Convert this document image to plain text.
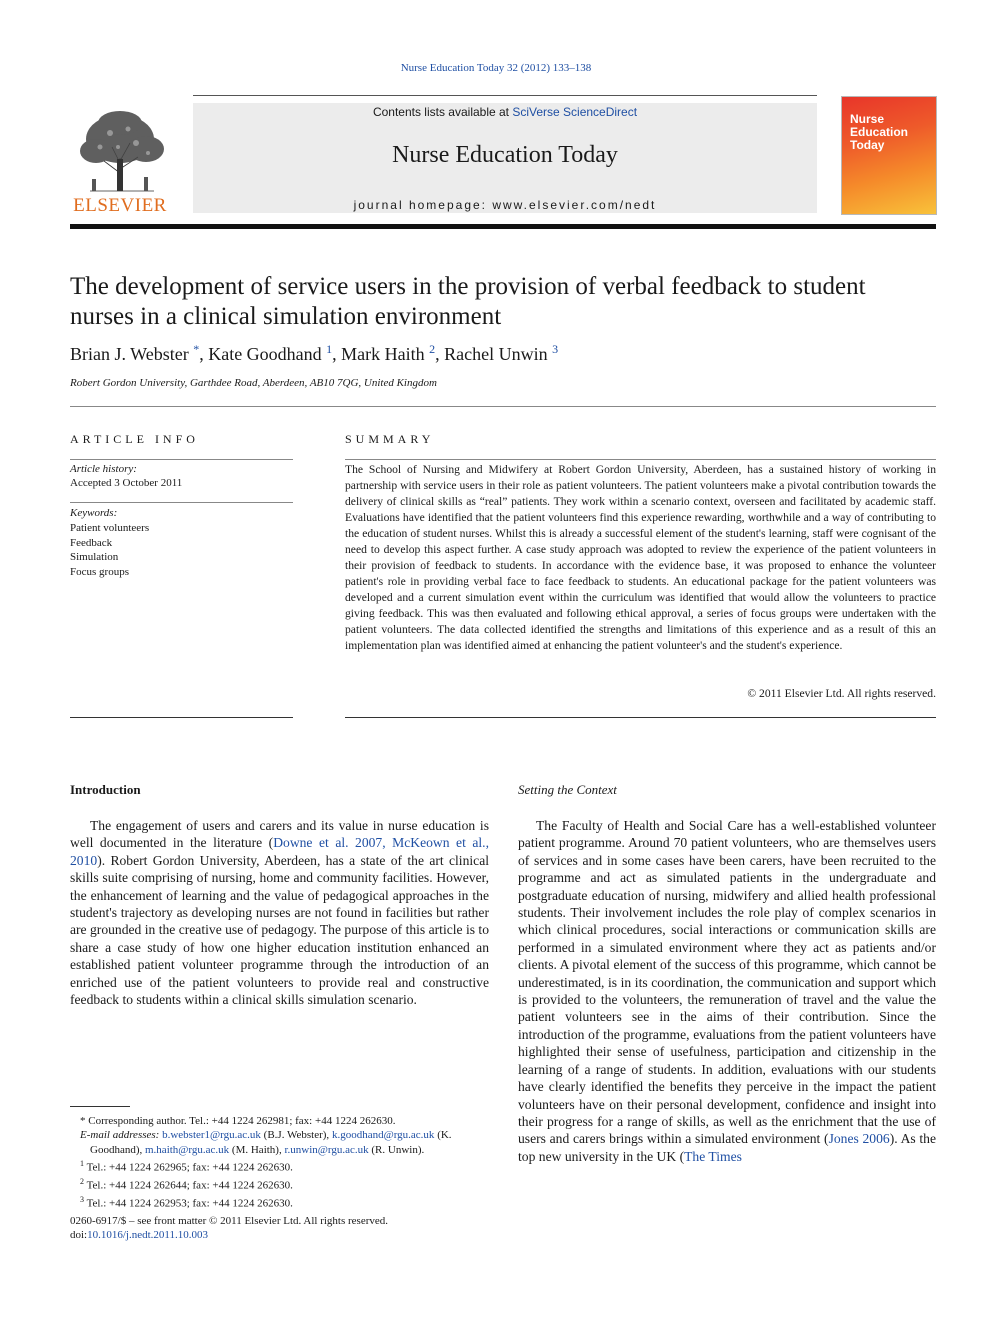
Nurse Education Today 32 (2012) 133–138
Contents lists available at SciVerse ScienceDirect
Nurse Education Today
journal homepage: www.elsevier.com/nedt
ELSEVIER
Nurse Education Today
The development of service users in the provision of verbal feedback to student nurses in a clinical simulation environment
Brian J. Webster *, Kate Goodhand $^1$, Mark Haith $^2$, Rachel Unwin $^3$
Robert Gordon University, Garthdee Road, Aberdeen, AB10 7QG, United Kingdom
ARTICLE INFO	SUMMARY
Article history:
Accepted 3 October 2011
Keywords:
Patient volunteers
Feedback
Simulation
Focus groups
The School of Nursing and Midwifery at Robert Gordon University, Aberdeen, has a sustained history of working in partnership with service users in their role as patient volunteers. The patient volunteers make a pivotal contribution towards the delivery of clinical skills as “real” patients. They work within a scenario context, overseen and facilitated by academic staff. Evaluations have identified that the patient volunteers find this experience rewarding, worthwhile and a way of contributing to the education of student nurses. Whilst this is already a successful element of the student's learning, staff were cognisant of the need to develop this aspect further. A case study approach was adopted to review the experience of the patient volunteers in their provision of feedback to students. In accordance with the evidence base, it was proposed to enhance the volunteer patient's role in providing verbal face to face feedback to students. An educational package for the patient volunteers was developed and a current simulation event within the curriculum was identified that would allow the volunteers to practice giving feedback. This was then evaluated and following ethical approval, a series of focus groups were undertaken with the patient volunteers. The data collected identified the strengths and limitations of this experience and as a result of this an implementation plan was identified aimed at enhancing the patient volunteer's and the student's experience.
© 2011 Elsevier Ltd. All rights reserved.
Introduction	Setting the Context
The engagement of users and carers and its value in nurse education is well documented in the literature (Downe et al. 2007, McKeown et al., 2010). Robert Gordon University, Aberdeen, has a state of the art clinical skills suite comprising of nursing, home and community facilities. However, the enhancement of learning and the value of pedagogical approaches in the student's trajectory as developing nurses are not found in facilities but rather are grounded in the creative use of pedagogy. The purpose of this article is to share a case study of how one higher education institution enhanced an established patient volunteer programme through the introduction of an enriched use of the patient volunteers to provide real and constructive feedback to students within a clinical skills simulation scenario.
The Faculty of Health and Social Care has a well-established volunteer patient programme. Around 70 patient volunteers, who are themselves users of services and in some cases have been carers, have been recruited to the programme and act as simulated patients in the undergraduate and postgraduate education of nursing, midwifery and allied health professional students. Their involvement includes the role play of complex scenarios in which clinical procedures, social interactions or communication skills are performed in a simulated environment where they act as patients and/or clients. A pivotal element of the success of this programme, which cannot be underestimated, is in its coordination, the communication and support which is provided to the volunteers, the remuneration of travel and the value the patient volunteers see in the aims of their contribution. Since the introduction of the programme, evaluations from the patient volunteers have highlighted their sense of usefulness, participation and citizenship in the learning of a range of students. In addition, evaluations with our students have clearly identified the benefits they perceive in the impact the patient volunteers have on their personal development, confidence and insight into their progress for a range of skills, as well as the enrichment that the use of users and carers brings within a simulated environment (Jones 2006). As the top new university in the UK (The Times
* Corresponding author. Tel.: +44 1224 262981; fax: +44 1224 262630.
E-mail addresses: b.webster1@rgu.ac.uk (B.J. Webster), k.goodhand@rgu.ac.uk (K. Goodhand), m.haith@rgu.ac.uk (M. Haith), r.unwin@rgu.ac.uk (R. Unwin).
$^1$ Tel.: +44 1224 262965; fax: +44 1224 262630.
$^2$ Tel.: +44 1224 262644; fax: +44 1224 262630.
$^3$ Tel.: +44 1224 262953; fax: +44 1224 262630.
0260-6917/$ – see front matter © 2011 Elsevier Ltd. All rights reserved.
doi:10.1016/j.nedt.2011.10.003
